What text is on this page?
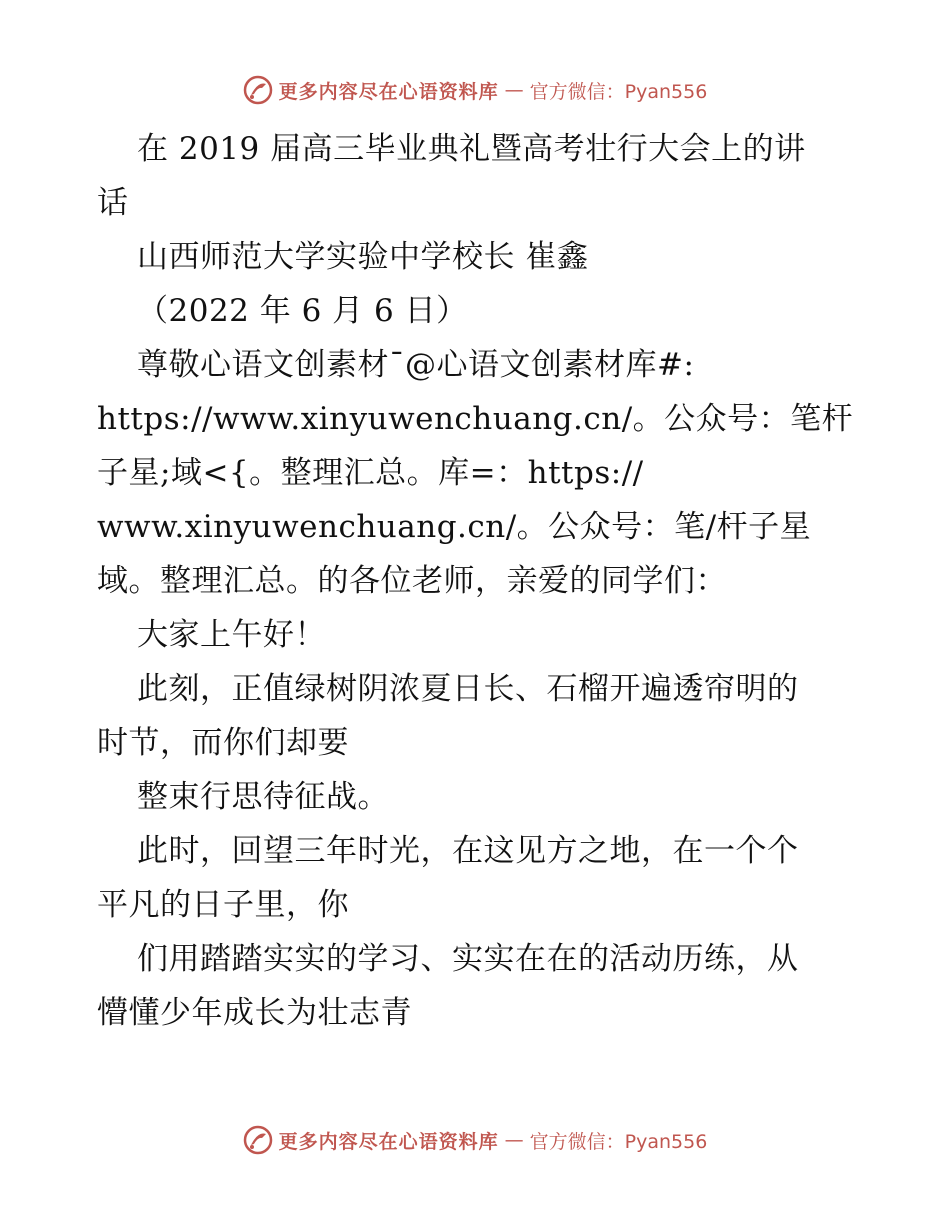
更多内容尽在心语资料库 — 官方微信：Pyan556
在 2019 届高三毕业典礼暨高考壮行大会上的讲
话
山西师范大学实验中学校长 崔鑫
（2022 年 6 月 6 日）
尊敬心语文创素材¯@心语文创素材库#:
https://www.xinyuwenchuang.cn/。公众号：笔杆
子星;域<{。整理汇总。库=：https://
www.xinyuwenchuang.cn/。公众号：笔/杆子星
域。整理汇总。的各位老师，亲爱的同学们：
大家上午好！
此刻，正值绿树阴浓夏日长、石榴开遍透帘明的
时节，而你们却要
整束行思待征战。
此时，回望三年时光，在这见方之地，在一个个
平凡的日子里，你
们用踏踏实实的学习、实实在在的活动历练，从
懵懂少年成长为壮志青
更多内容尽在心语资料库 — 官方微信：Pyan556
